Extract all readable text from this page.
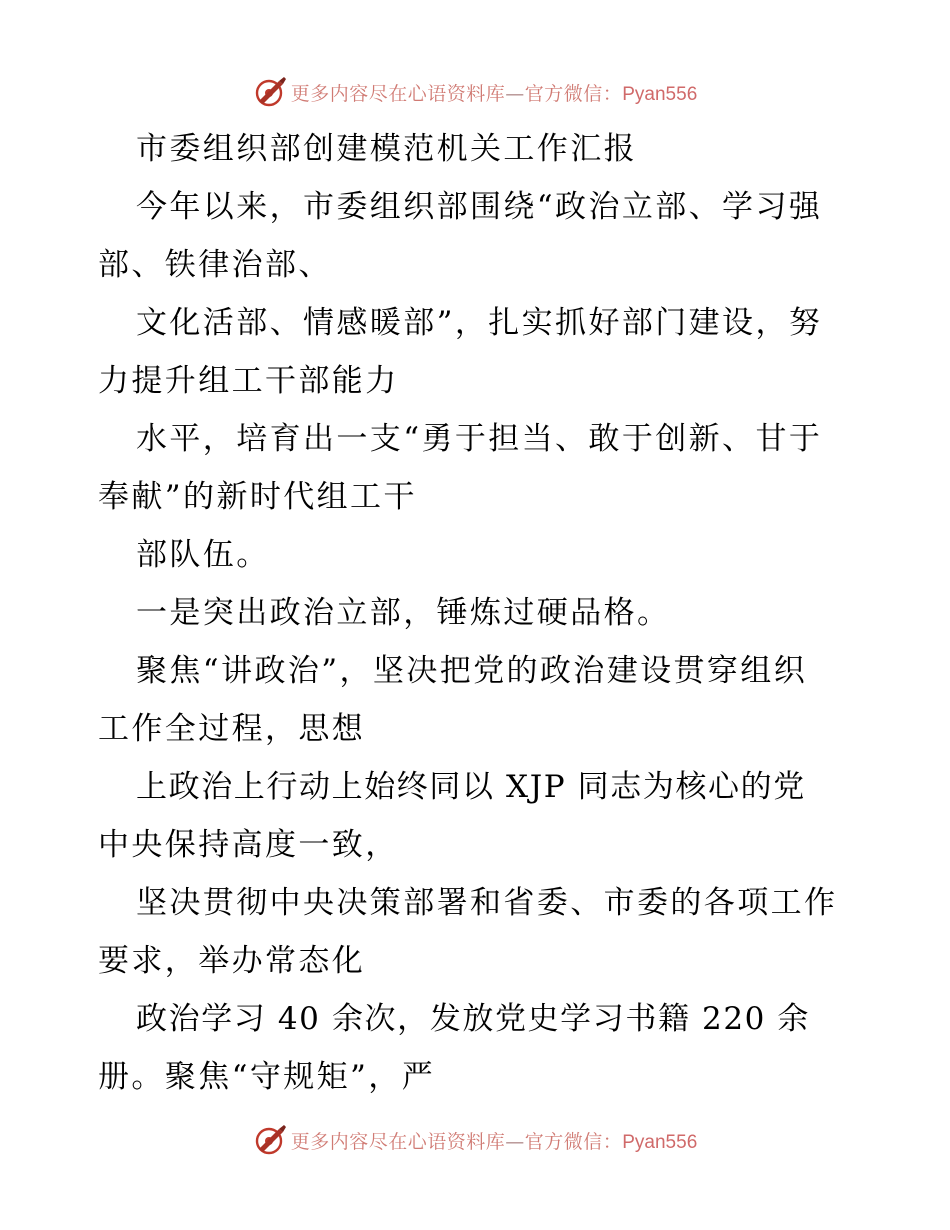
更多内容尽在心语资料库—官方微信：Pyan556
市委组织部创建模范机关工作汇报
今年以来，市委组织部围绕“政治立部、学习强
部、铁律治部、
文化活部、情感暖部”，扎实抓好部门建设，努
力提升组工干部能力
水平，培育出一支“勇于担当、敢于创新、甘于
奉献”的新时代组工干
部队伍。
一是突出政治立部，锤炼过硬品格。
聚焦“讲政治”，坚决把党的政治建设贯穿组织
工作全过程，思想
上政治上行动上始终同以 XJP 同志为核心的党
中央保持高度一致，
坚决贯彻中央决策部署和省委、市委的各项工作
要求，举办常态化
政治学习 40 余次，发放党史学习书籍 220 余
册。聚焦“守规矩”，严
更多内容尽在心语资料库—官方微信：Pyan556
